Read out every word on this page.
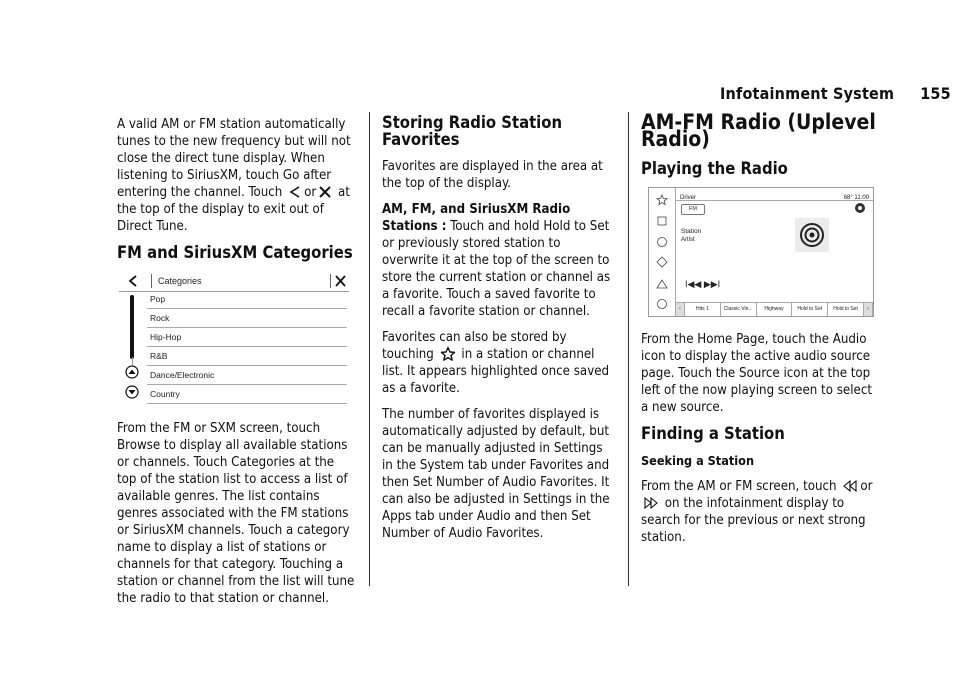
Infotainment System 155

A valid AM or FM station automatically tunes to the new frequency but will not close the direct tune display. When listening to SiriusXM, touch Go after entering the channel. Touch or at the top of the display to exit out of Direct Tune.

FM and SiriusXM Categories
Categories
Pop
Rock
Hip-Hop
R&B
Dance/Electronic
Country

From the FM or SXM screen, touch Browse to display all available stations or channels. Touch Categories at the top of the station list to access a list of available genres. The list contains genres associated with the FM stations or SiriusXM channels. Touch a category name to display a list of stations or channels for that category. Touching a station or channel from the list will tune the radio to that station or channel.

Storing Radio Station Favorites

Favorites are displayed in the area at the top of the display.

AM, FM, and SiriusXM Radio Stations : Touch and hold Hold to Set or previously stored station to overwrite it at the top of the screen to store the current station or channel as a favorite. Touch a saved favorite to recall a favorite station or channel.

Favorites can also be stored by touching in a station or channel list. It appears highlighted once saved as a favorite.

The number of favorites displayed is automatically adjusted by default, but can be manually adjusted in Settings in the System tab under Favorites and then Set Number of Audio Favorites. It can also be adjusted in Settings in the Apps tab under Audio and then Set Number of Audio Favorites.

AM-FM Radio (Uplevel Radio)
Playing the Radio
Driver	68° 11:00
FM
Station
Artist
I◀◀ ▶▶I
‹	Hits 1	Classic Vin...	Highway	Hold to Set	Hold to Set	›

From the Home Page, touch the Audio icon to display the active audio source page. Touch the Source icon at the top left of the now playing screen to select a new source.

Finding a Station
Seeking a Station

From the AM or FM screen, touch or
on the infotainment display to search for the previous or next strong station.
